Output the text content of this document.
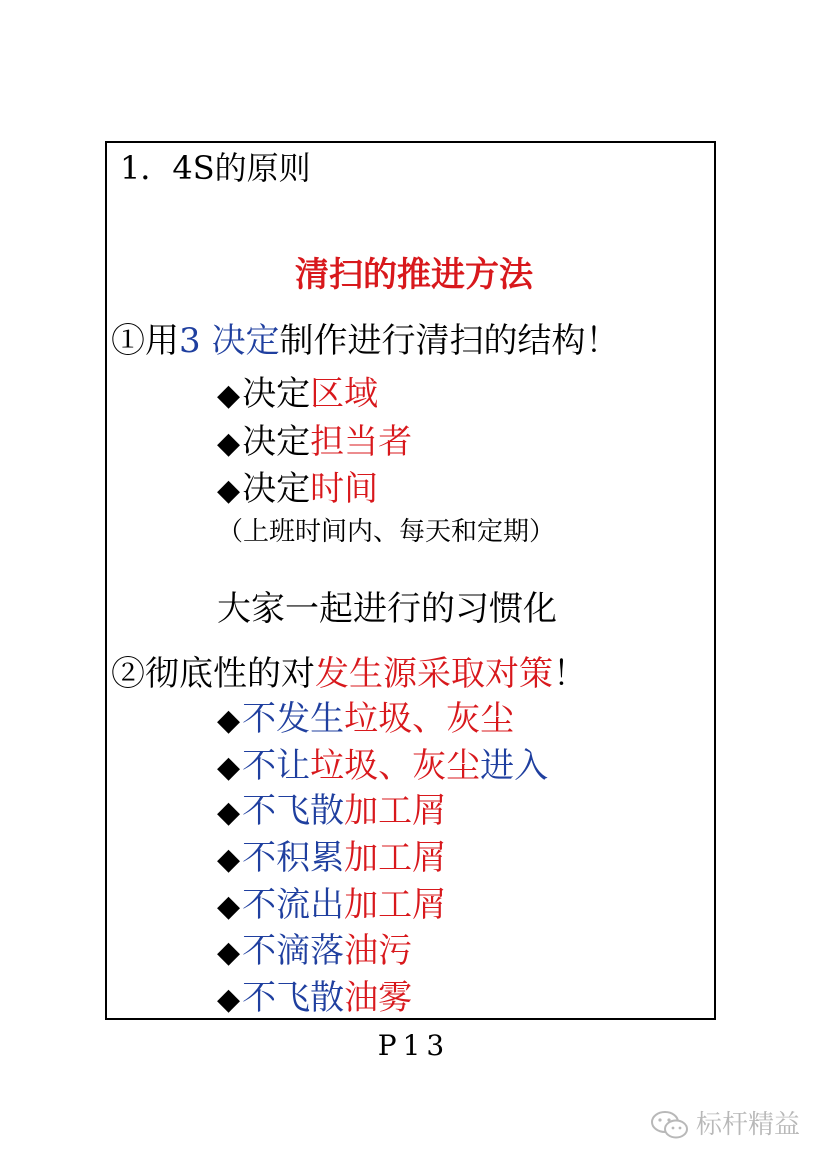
1．4S的原则
清扫的推进方法
①用3 决定制作进行清扫的结构！
◆决定区域
◆决定担当者
◆决定时间
（上班时间内、每天和定期）
大家一起进行的习惯化
②彻底性的对发生源采取对策！
◆不发生垃圾、灰尘
◆不让垃圾、灰尘进入
◆不飞散加工屑
◆不积累加工屑
◆不流出加工屑
◆不滴落油污
◆不飞散油雾
P13
标杆精益
